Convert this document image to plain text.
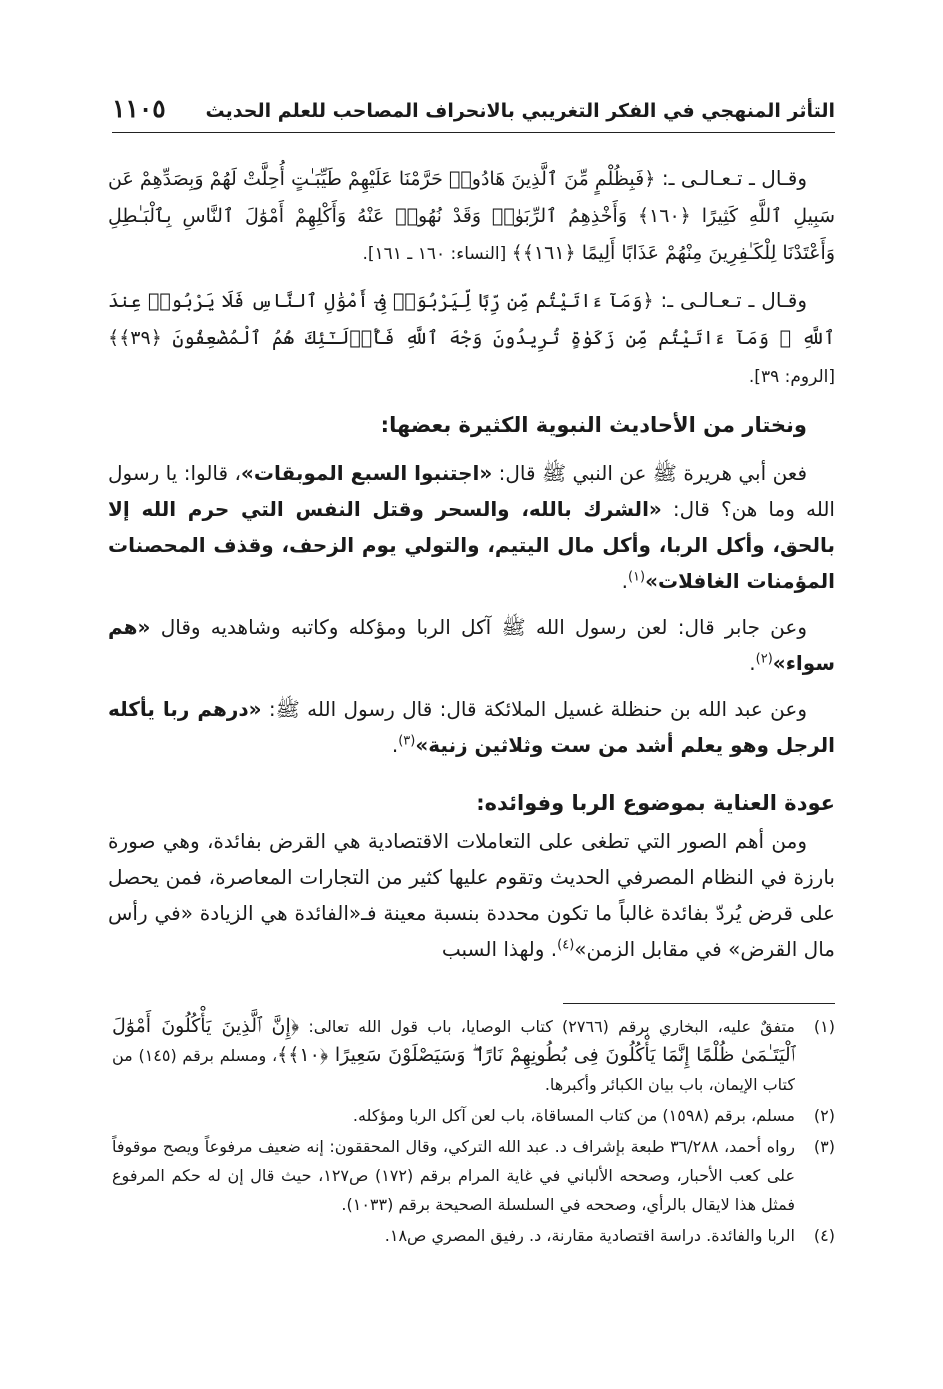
التأثر المنهجي في الفكر التغريبي بالانحراف المصاحب للعلم الحديث
١١٠٥

وقـال ـ تـعـالـى ـ: ﴿فَبِظُلْمٍ مِّنَ ٱلَّذِينَ هَادُوا۟ حَرَّمْنَا عَلَيْهِمْ طَيِّبَـٰتٍ أُحِلَّتْ لَهُمْ وَبِصَدِّهِمْ عَن سَبِيلِ ٱللَّهِ كَثِيرًا ﴿١٦٠﴾ وَأَخْذِهِمُ ٱلرِّبَوٰا۟ وَقَدْ نُهُوا۟ عَنْهُ وَأَكْلِهِمْ أَمْوَٰلَ ٱلنَّاسِ بِٱلْبَـٰطِلِ وَأَعْتَدْنَا لِلْكَـٰفِرِينَ مِنْهُمْ عَذَابًا أَلِيمًا ﴿١٦١﴾﴾ [النساء: ١٦٠ ـ ١٦١].

وقـال ـ تـعـالـى ـ: ﴿وَمَآ ءَاتَيْتُم مِّن رِّبًا لِّيَرْبُوَا۟ فِىٓ أَمْوَٰلِ ٱلنَّاسِ فَلَا يَرْبُوا۟ عِندَ ٱللَّهِ ۖ وَمَآ ءَاتَيْتُم مِّن زَكَوٰةٍ تُرِيدُونَ وَجْهَ ٱللَّهِ فَأُو۟لَـٰٓئِكَ هُمُ ٱلْمُضْعِفُونَ ﴿٣٩﴾﴾ [الروم: ٣٩].

ونختار من الأحاديث النبوية الكثيرة بعضها:

فعن أبي هريرة ﷺ عن النبي ﷺ قال: «اجتنبوا السبع الموبقات»، قالوا: يا رسول الله وما هن؟ قال: «الشرك بالله، والسحر وقتل النفس التي حرم الله إلا بالحق، وأكل الربا، وأكل مال اليتيم، والتولي يوم الزحف، وقذف المحصنات المؤمنات الغافلات»$^{(١)}$.

وعن جابر قال: لعن رسول الله ﷺ آكل الربا ومؤكله وكاتبه وشاهديه وقال «هم سواء»$^{(٢)}$.

وعن عبد الله بن حنظلة غسيل الملائكة قال: قال رسول الله ﷺ: «درهم ربا يأكله الرجل وهو يعلم أشد من ست وثلاثين زنية»$^{(٣)}$.

عودة العناية بموضوع الربا وفوائده:

ومن أهم الصور التي تطغى على التعاملات الاقتصادية هي القرض بفائدة، وهي صورة بارزة في النظام المصرفي الحديث وتقوم عليها كثير من التجارات المعاصرة، فمن يحصل على قرض يُردّ بفائدة غالباً ما تكون محددة بنسبة معينة فـ«الفائدة هي الزيادة «في رأس مال القرض» في مقابل الزمن»$^{(٤)}$. ولهذا السبب

(١)
متفقٌ عليه، البخاري برقم (٢٧٦٦) كتاب الوصايا، باب قول الله تعالى: ﴿إِنَّ ٱلَّذِينَ يَأْكُلُونَ أَمْوَٰلَ ٱلْيَتَـٰمَىٰ ظُلْمًا إِنَّمَا يَأْكُلُونَ فِى بُطُونِهِمْ نَارًا ۖ وَسَيَصْلَوْنَ سَعِيرًا ﴿١٠﴾﴾، ومسلم برقم (١٤٥) من كتاب الإيمان، باب بيان الكبائر وأكبرها.
(٢)
مسلم، برقم (١٥٩٨) من كتاب المساقاة، باب لعن آكل الربا ومؤكله.
(٣)
رواه أحمد، ٣٦/٢٨٨ طبعة بإشراف د. عبد الله التركي، وقال المحققون: إنه ضعيف مرفوعاً ويصح موقوفاً على كعب الأحبار، وصححه الألباني في غاية المرام برقم (١٧٢) ص١٢٧، حيث قال إن له حكم المرفوع فمثل هذا لايقال بالرأي، وصححه في السلسلة الصحيحة برقم (١٠٣٣).
(٤)
الربا والفائدة. دراسة اقتصادية مقارنة، د. رفيق المصري ص١٨.
